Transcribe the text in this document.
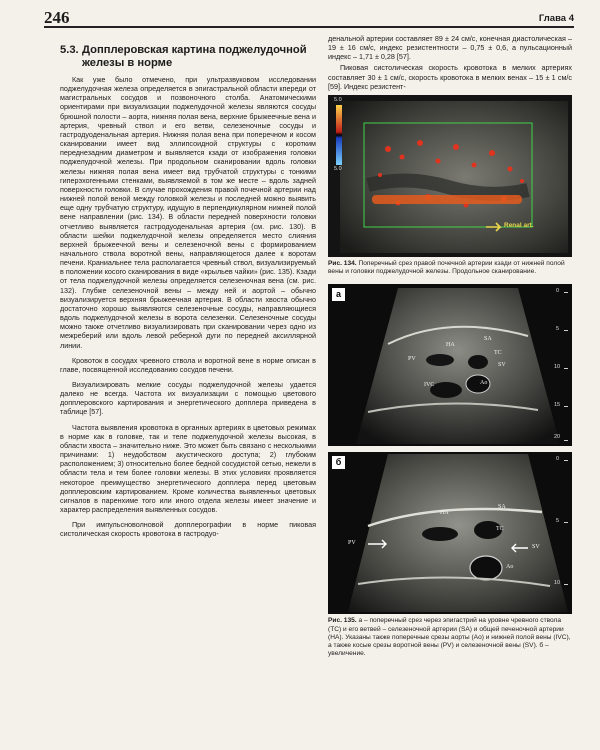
246	Глава 4
5.3. Допплеровская картина поджелудочной железы в норме

Как уже было отмечено, при ультразвуковом исследовании поджелудочная железа определяется в эпигастральной области кпереди от магистральных сосудов и позвоночного столба. Анатомическими ориентирами при визуализации поджелудочной железы являются сосуды брюшной полости – аорта, нижняя полая вена, верхние брыжеечные вена и артерия, чревный ствол и его ветви, селезеночные сосуды и гастродуоденальная артерия. Нижняя полая вена при поперечном и косом сканировании имеет вид эллипсоидной структуры с коротким переднезадним диаметром и выявляется кзади от изображения головки поджелудочной железы. При продольном сканировании вдоль головки железы нижняя полая вена имеет вид трубчатой структуры с тонкими гиперэхогенными стенками, выявляемой в том же месте – вдоль задней поверхности головки. В случае прохождения правой почечной артерии над нижней полой веной между головкой железы и последней можно выявить еще одну трубчатую структуру, идущую в перпендикулярном нижней полой вене направлении (рис. 134). В области передней поверхности головки отчетливо выявляется гастродуоденальная артерия (см. рис. 130). В области шейки поджелудочной железы определяется место слияния верхней брыжеечной вены и селезеночной вены с формированием начального ствола воротной вены, направляющегося далее к воротам печени. Краниальнее тела располагается чревный ствол, визуализируемый в положении косого сканирования в виде «крыльев чайки» (рис. 135). Кзади от тела поджелудочной железы определяется селезеночная вена (см. рис. 132). Глубже селезеночной вены – между ней и аортой – обычно визуализируется верхняя брыжеечная артерия. В области хвоста обычно достаточно хорошо выявляются селезеночные сосуды, направляющиеся вдоль поджелудочной железы в ворота селезенки. Селезеночные сосуды можно также отчетливо визуализировать при сканировании через одно из межреберий или вдоль левой реберной дуги по передней аксиллярной линии.

Кровоток в сосудах чревного ствола и воротной вене в норме описан в главе, посвященной исследованию сосудов печени.

Визуализировать мелкие сосуды поджелудочной железы удается далеко не всегда. Частота их визуализации с помощью цветового допплеровского картирования и энергетического допплера приведена в таблице [57].

Частота выявления кровотока в органных артериях в цветовых режимах в норме как в головке, так и теле поджелудочной железы высокая, в области хвоста – значительно ниже. Это может быть связано с несколькими причинами: 1) неудобством акустического доступа; 2) глубоким расположением; 3) относительно более бедной сосудистой сетью, нежели в области тела и тем более головки железы. В этих условиях проявляется некоторое преимущество энергетического допплера перед цветовым допплеровским картированием. Кроме количества выявленных цветовых сигналов в паренхиме того или иного отдела железы имеет значение и характер распределения выявленных сосудов.

При импульсноволновой допплерографии в норме пиковая систолическая скорость кровотока в гастродуо-

денальной артерии составляет 89 ± 24 см/с, конечная диастолическая – 19 ± 16 см/с, индекс резистентности – 0,75 ± 0,6, а пульсационный индекс – 1,71 ± 0,28 [57].

Пиковая систолическая скорость кровотока в мелких артериях составляет 30 ± 1 см/с, скорость кровотока в мелких венах – 15 ± 1 см/с [59]. Индекс резистент-

5.0
5.0
Renal art.

Рис. 134. Поперечный срез правой почечной артерии кзади от нижней полой вены и головки поджелудочной железы. Продольное сканирование.

а
SA
HA
TC
SV
PV
IVC	Ao
0
5
10
15
20
б
SA
HA
TC
SV
PV
Ao
0
5
10

Рис. 135. а – поперечный срез через эпигастрий на уровне чревного ствола (TC) и его ветвей – селезеночной артерии (SA) и общей печеночной артерии (HA). Указаны также поперечные срезы аорты (Ao) и нижней полой вены (IVC), а также косые срезы воротной вены (PV) и селезеночной вены (SV). б – увеличение.
